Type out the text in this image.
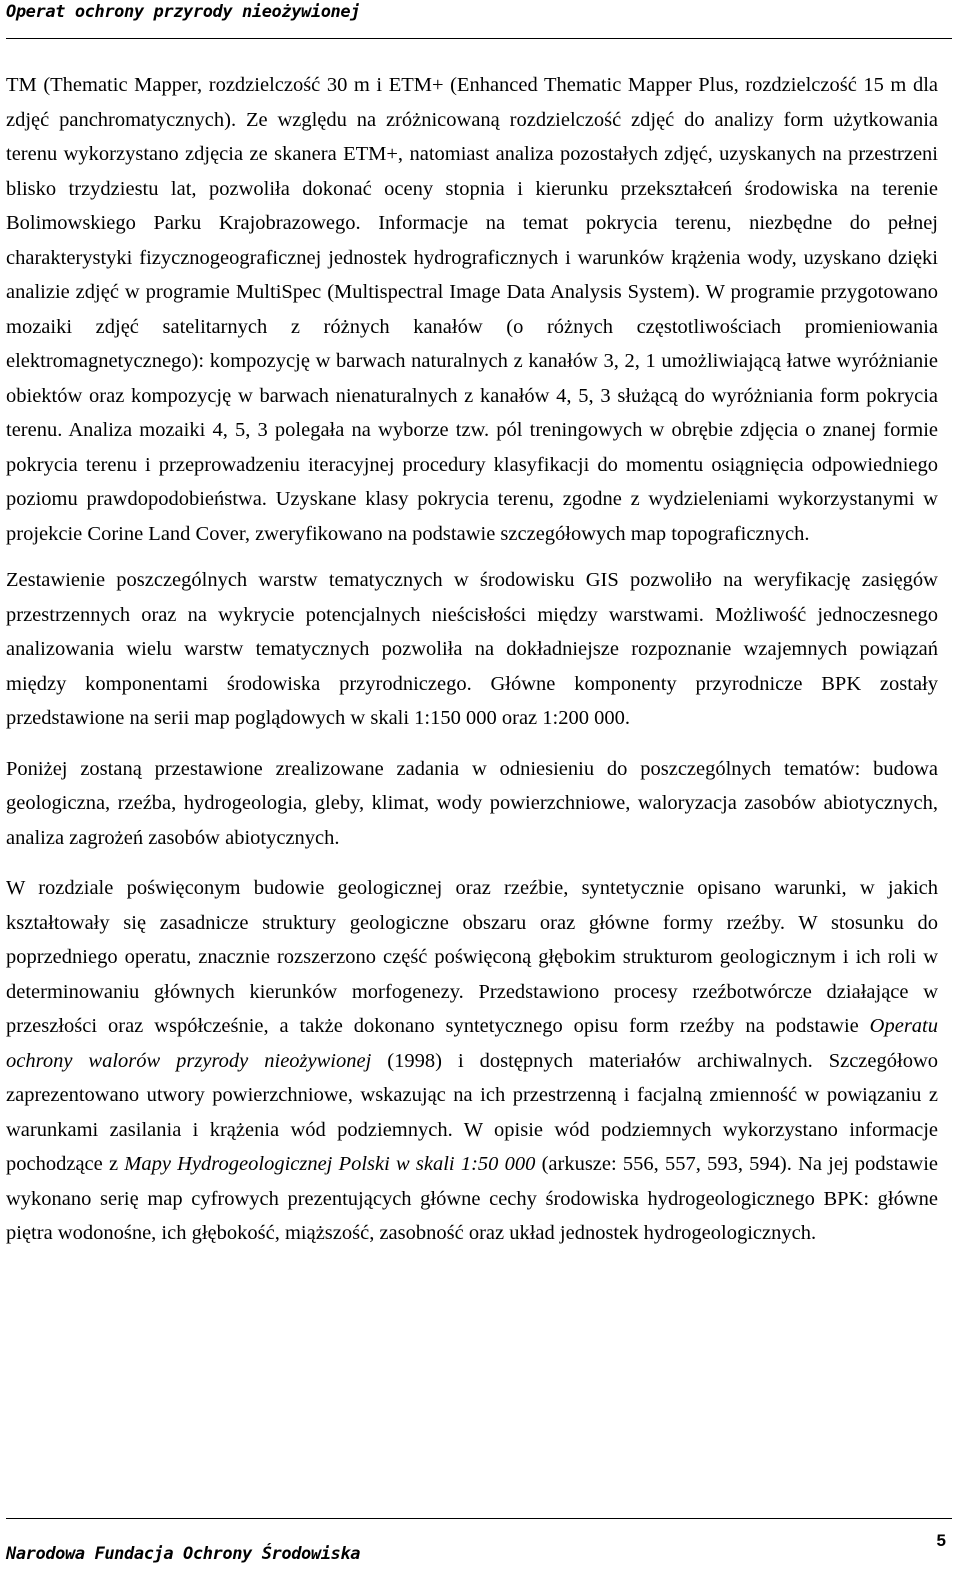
Operat ochrony przyrody nieożywionej

TM (Thematic Mapper, rozdzielczość 30 m i ETM+ (Enhanced Thematic Mapper Plus, rozdzielczość 15 m dla zdjęć panchromatycznych). Ze względu na zróżnicowaną rozdzielczość zdjęć do analizy form użytkowania terenu wykorzystano zdjęcia ze skanera ETM+, natomiast analiza pozostałych zdjęć, uzyskanych na przestrzeni blisko trzydziestu lat, pozwoliła dokonać oceny stopnia i kierunku przekształceń środowiska na terenie Bolimowskiego Parku Krajobrazowego. Informacje na temat pokrycia terenu, niezbędne do pełnej charakterystyki fizycznogeograficznej jednostek hydrograficznych i warunków krążenia wody, uzyskano dzięki analizie zdjęć w programie MultiSpec (Multispectral Image Data Analysis System). W programie przygotowano mozaiki zdjęć satelitarnych z różnych kanałów (o różnych częstotliwościach promieniowania elektromagnetycznego): kompozycję w barwach naturalnych z kanałów 3, 2, 1 umożliwiającą łatwe wyróżnianie obiektów oraz kompozycję w barwach nienaturalnych z kanałów 4, 5, 3 służącą do wyróżniania form pokrycia terenu. Analiza mozaiki 4, 5, 3 polegała na wyborze tzw. pól treningowych w obrębie zdjęcia o znanej formie pokrycia terenu i przeprowadzeniu iteracyjnej procedury klasyfikacji do momentu osiągnięcia odpowiedniego poziomu prawdopodobieństwa. Uzyskane klasy pokrycia terenu, zgodne z wydzieleniami wykorzystanymi w projekcie Corine Land Cover, zweryfikowano na podstawie szczegółowych map topograficznych.

Zestawienie poszczególnych warstw tematycznych w środowisku GIS pozwoliło na weryfikację zasięgów przestrzennych oraz na wykrycie potencjalnych nieścisłości między warstwami. Możliwość jednoczesnego analizowania wielu warstw tematycznych pozwoliła na dokładniejsze rozpoznanie wzajemnych powiązań między komponentami środowiska przyrodniczego. Główne komponenty przyrodnicze BPK zostały przedstawione na serii map poglądowych w skali 1:150 000 oraz 1:200 000.

Poniżej zostaną przestawione zrealizowane zadania w odniesieniu do poszczególnych tematów: budowa geologiczna, rzeźba, hydrogeologia, gleby, klimat, wody powierzchniowe, waloryzacja zasobów abiotycznych, analiza zagrożeń zasobów abiotycznych.

W rozdziale poświęconym budowie geologicznej oraz rzeźbie, syntetycznie opisano warunki, w jakich kształtowały się zasadnicze struktury geologiczne obszaru oraz główne formy rzeźby. W stosunku do poprzedniego operatu, znacznie rozszerzono część poświęconą głębokim strukturom geologicznym i ich roli w determinowaniu głównych kierunków morfogenezy. Przedstawiono procesy rzeźbotwórcze działające w przeszłości oraz współcześnie, a także dokonano syntetycznego opisu form rzeźby na podstawie Operatu ochrony walorów przyrody nieożywionej (1998) i dostępnych materiałów archiwalnych. Szczegółowo zaprezentowano utwory powierzchniowe, wskazując na ich przestrzenną i facjalną zmienność w powiązaniu z warunkami zasilania i krążenia wód podziemnych. W opisie wód podziemnych wykorzystano informacje pochodzące z Mapy Hydrogeologicznej Polski w skali 1:50 000 (arkusze: 556, 557, 593, 594). Na jej podstawie wykonano serię map cyfrowych prezentujących główne cechy środowiska hydrogeologicznego BPK: główne piętra wodonośne, ich głębokość, miąższość, zasobność oraz układ jednostek hydrogeologicznych.

Narodowa Fundacja Ochrony Środowiska
5
